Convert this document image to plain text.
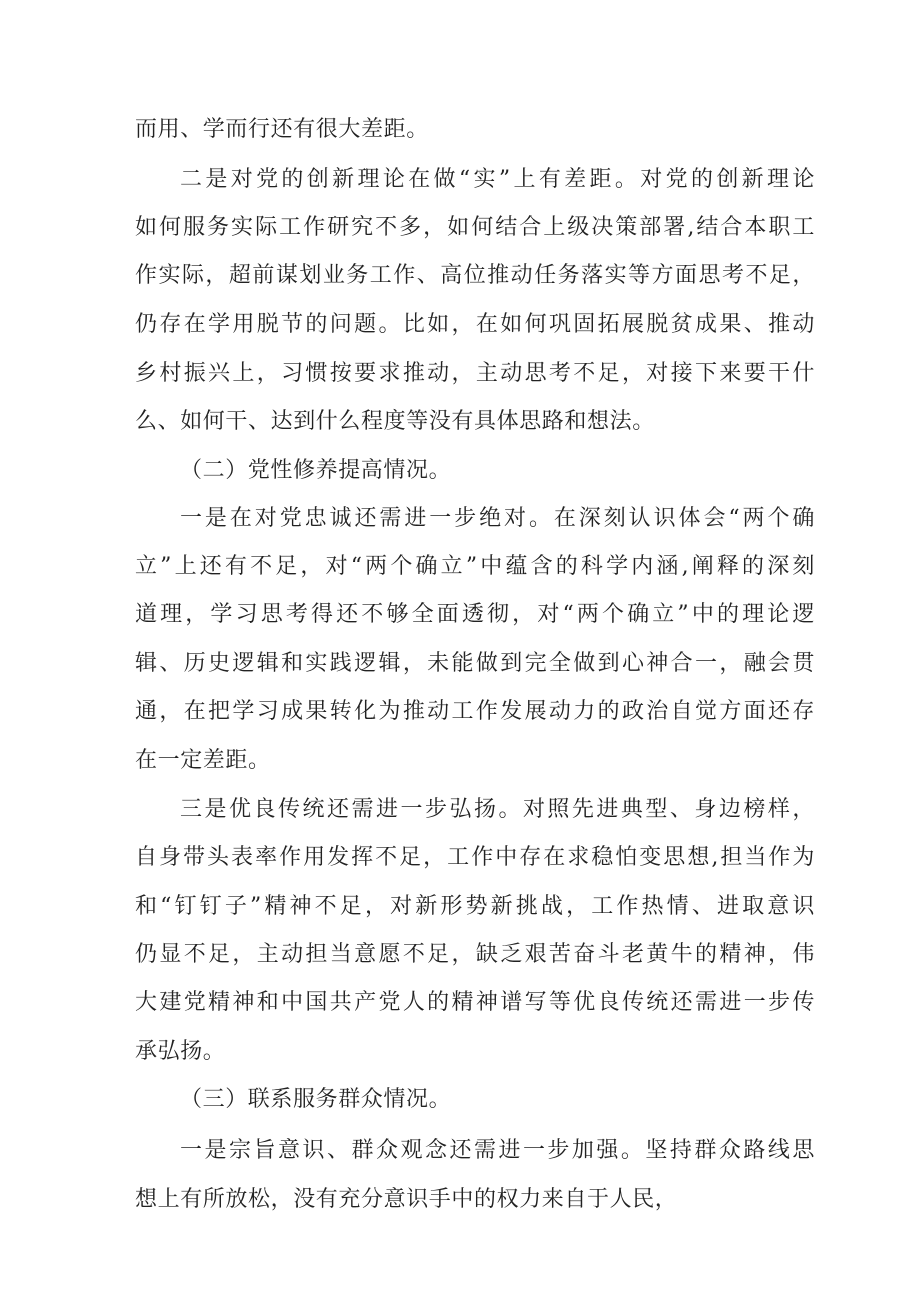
而用、学而行还有很大差距。
二是对党的创新理论在做“实”上有差距。对党的创新理论
如何服务实际工作研究不多，如何结合上级决策部署,结合本职工
作实际，超前谋划业务工作、高位推动任务落实等方面思考不足，
仍存在学用脱节的问题。比如，在如何巩固拓展脱贫成果、推动
乡村振兴上，习惯按要求推动，主动思考不足，对接下来要干什
么、如何干、达到什么程度等没有具体思路和想法。
（二）党性修养提高情况。
一是在对党忠诚还需进一步绝对。在深刻认识体会“两个确
立”上还有不足，对“两个确立”中蕴含的科学内涵,阐释的深刻
道理，学习思考得还不够全面透彻，对“两个确立”中的理论逻
辑、历史逻辑和实践逻辑，未能做到完全做到心神合一，融会贯
通，在把学习成果转化为推动工作发展动力的政治自觉方面还存
在一定差距。
三是优良传统还需进一步弘扬。对照先进典型、身边榜样，
自身带头表率作用发挥不足，工作中存在求稳怕变思想,担当作为
和“钉钉子”精神不足，对新形势新挑战，工作热情、进取意识
仍显不足，主动担当意愿不足，缺乏艰苦奋斗老黄牛的精神，伟
大建党精神和中国共产党人的精神谱写等优良传统还需进一步传
承弘扬。
（三）联系服务群众情况。
一是宗旨意识、群众观念还需进一步加强。坚持群众路线思
想上有所放松，没有充分意识手中的权力来自于人民，
